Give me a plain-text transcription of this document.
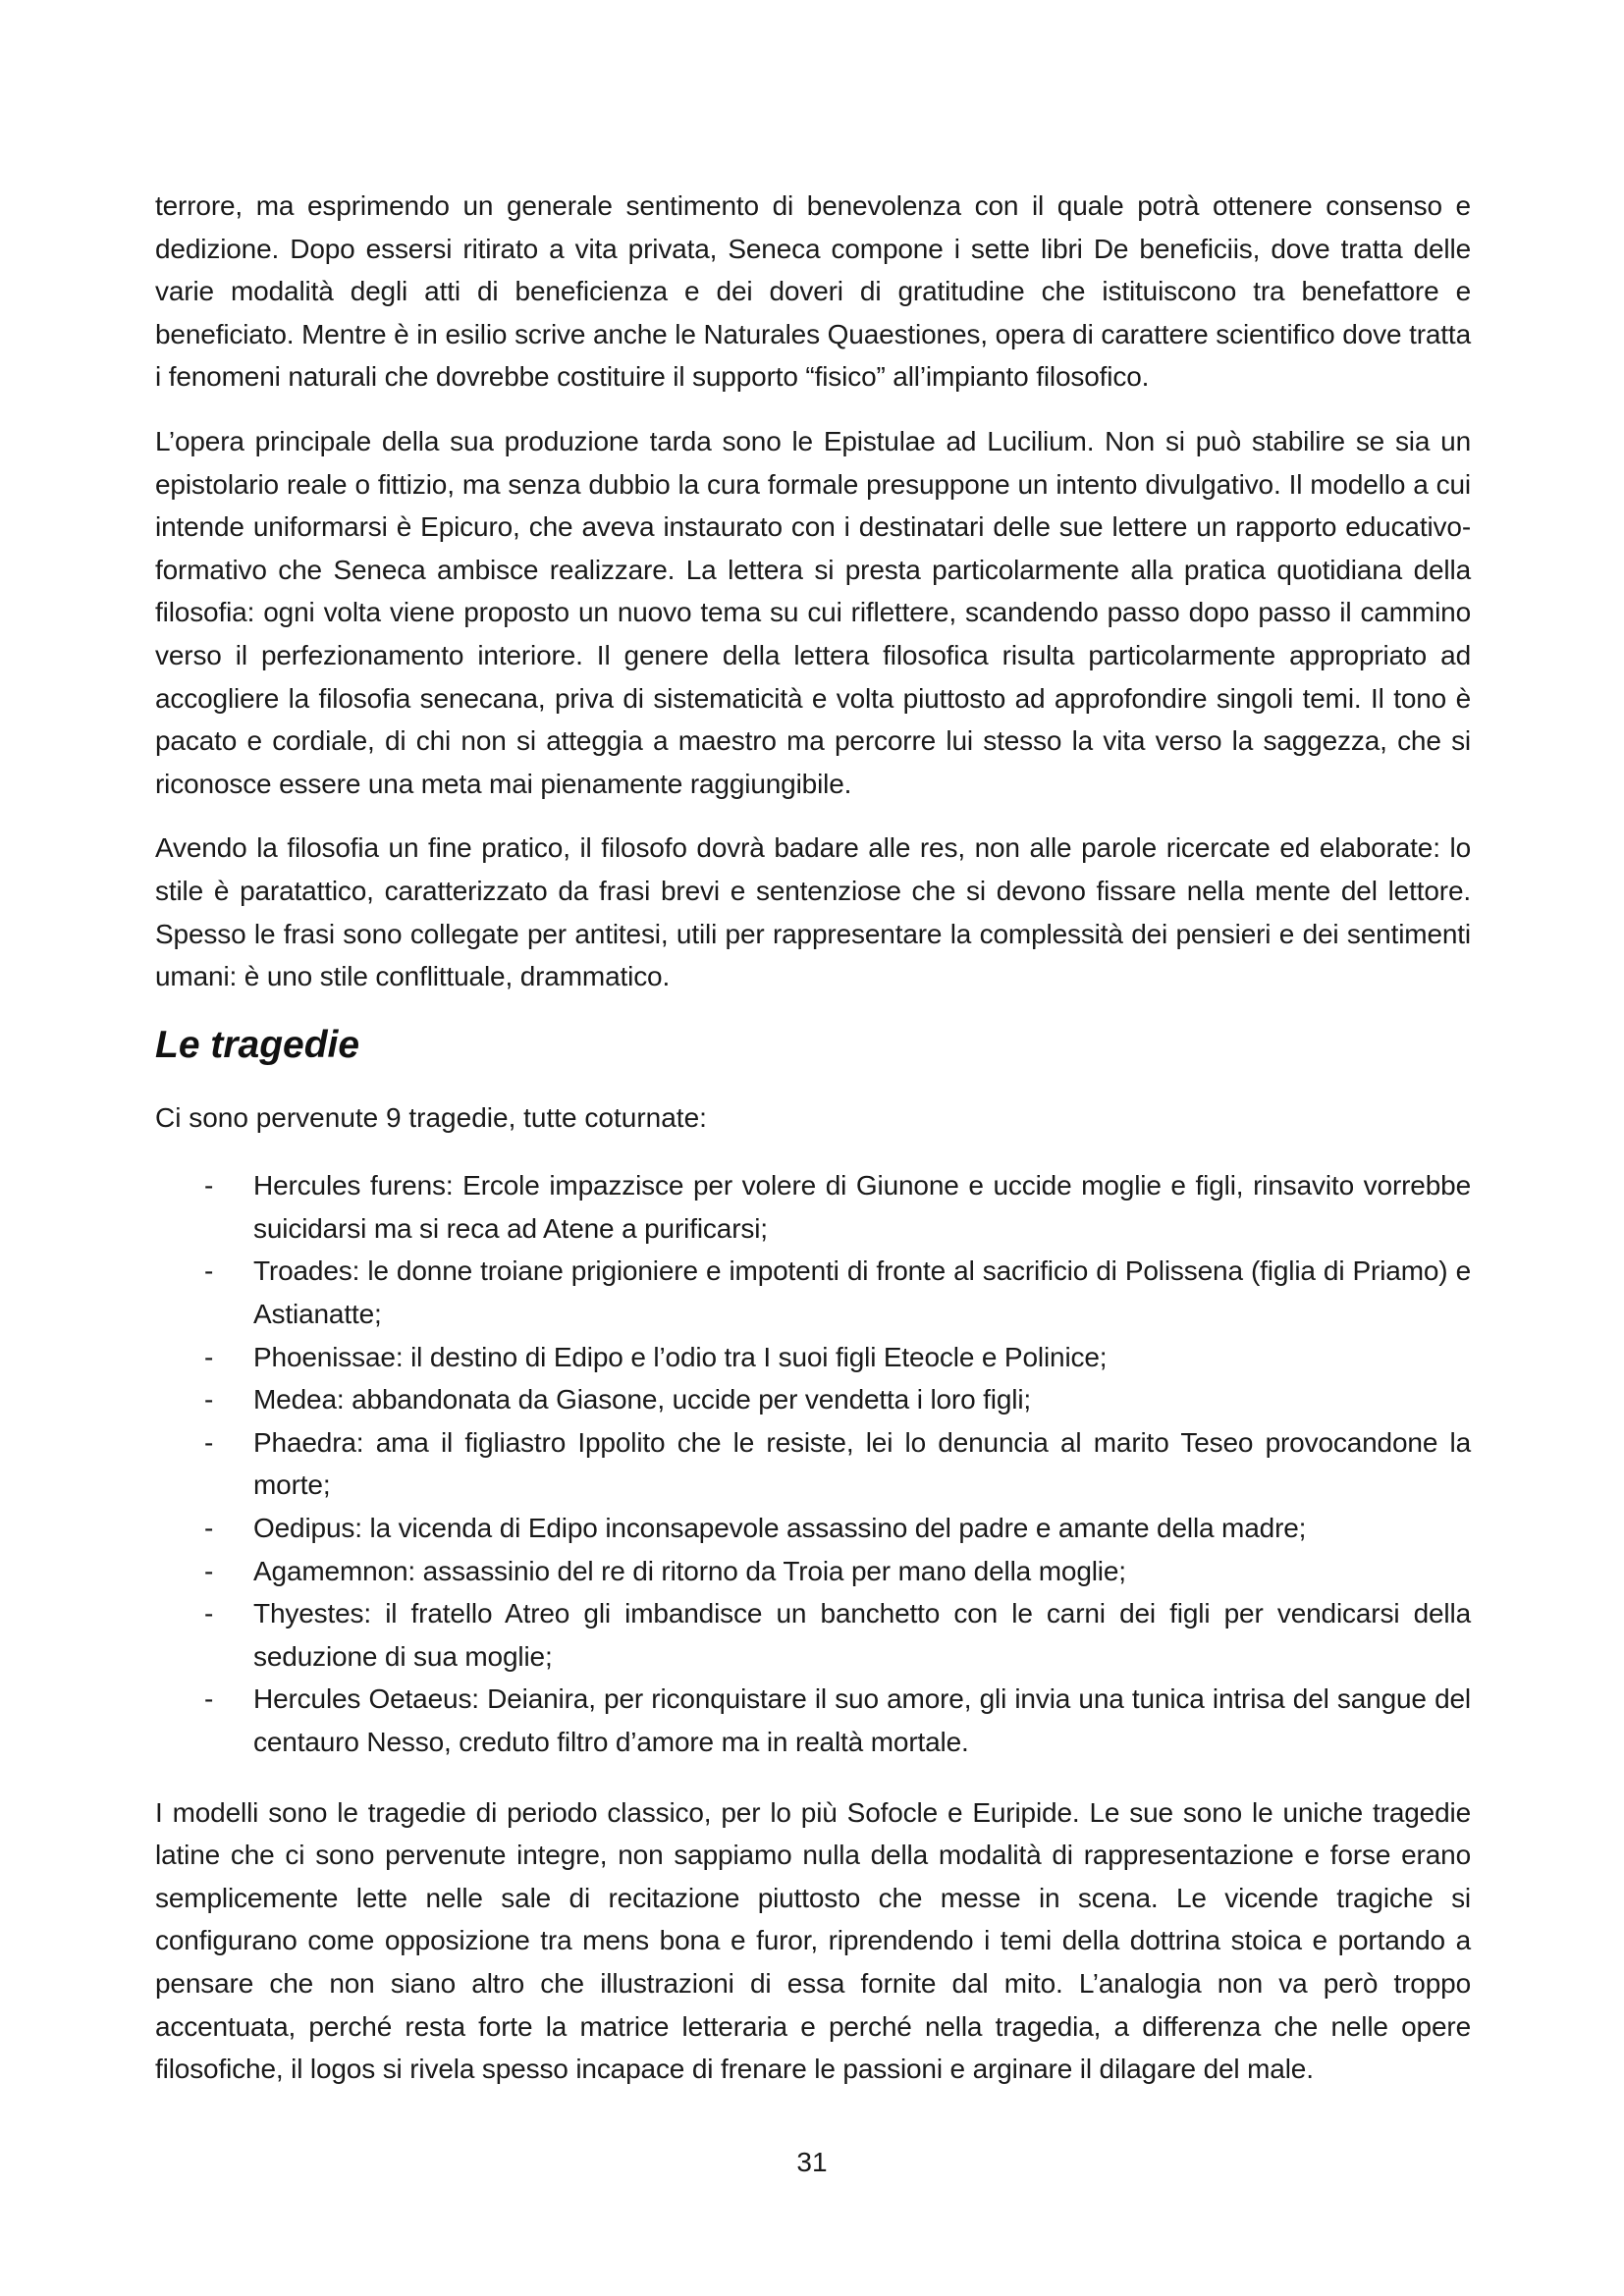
terrore, ma esprimendo un generale sentimento di benevolenza con il quale potrà ottenere consenso e dedizione. Dopo essersi ritirato a vita privata, Seneca compone i sette libri De beneficiis, dove tratta delle varie modalità degli atti di beneficienza e dei doveri di gratitudine che istituiscono tra benefattore e beneficiato. Mentre è in esilio scrive anche le Naturales Quaestiones, opera di carattere scientifico dove tratta i fenomeni naturali che dovrebbe costituire il supporto “fisico” all’impianto filosofico.

L’opera principale della sua produzione tarda sono le Epistulae ad Lucilium. Non si può stabilire se sia un epistolario reale o fittizio, ma senza dubbio la cura formale presuppone un intento divulgativo. Il modello a cui intende uniformarsi è Epicuro, che aveva instaurato con i destinatari delle sue lettere un rapporto educativo-formativo che Seneca ambisce realizzare. La lettera si presta particolarmente alla pratica quotidiana della filosofia: ogni volta viene proposto un nuovo tema su cui riflettere, scandendo passo dopo passo il cammino verso il perfezionamento interiore. Il genere della lettera filosofica risulta particolarmente appropriato ad accogliere la filosofia senecana, priva di sistematicità e volta piuttosto ad approfondire singoli temi. Il tono è pacato e cordiale, di chi non si atteggia a maestro ma percorre lui stesso la vita verso la saggezza, che si riconosce essere una meta mai pienamente raggiungibile.

Avendo la filosofia un fine pratico, il filosofo dovrà badare alle res, non alle parole ricercate ed elaborate: lo stile è paratattico, caratterizzato da frasi brevi e sentenziose che si devono fissare nella mente del lettore. Spesso le frasi sono collegate per antitesi, utili per rappresentare la complessità dei pensieri e dei sentimenti umani: è uno stile conflittuale, drammatico.

Le tragedie

Ci sono pervenute 9 tragedie, tutte coturnate:

- Hercules furens: Ercole impazzisce per volere di Giunone e uccide moglie e figli, rinsavito vorrebbe suicidarsi ma si reca ad Atene a purificarsi;
- Troades: le donne troiane prigioniere e impotenti di fronte al sacrificio di Polissena (figlia di Priamo) e Astianatte;
- Phoenissae: il destino di Edipo e l’odio tra I suoi figli Eteocle e Polinice;
- Medea: abbandonata da Giasone, uccide per vendetta i loro figli;
- Phaedra: ama il figliastro Ippolito che le resiste, lei lo denuncia al marito Teseo provocandone la morte;
- Oedipus: la vicenda di Edipo inconsapevole assassino del padre e amante della madre;
- Agamemnon: assassinio del re di ritorno da Troia per mano della moglie;
- Thyestes: il fratello Atreo gli imbandisce un banchetto con le carni dei figli per vendicarsi della seduzione di sua moglie;
- Hercules Oetaeus: Deianira, per riconquistare il suo amore, gli invia una tunica intrisa del sangue del centauro Nesso, creduto filtro d’amore ma in realtà mortale.

I modelli sono le tragedie di periodo classico, per lo più Sofocle e Euripide. Le sue sono le uniche tragedie latine che ci sono pervenute integre, non sappiamo nulla della modalità di rappresentazione e forse erano semplicemente lette nelle sale di recitazione piuttosto che messe in scena. Le vicende tragiche si configurano come opposizione tra mens bona e furor, riprendendo i temi della dottrina stoica e portando a pensare che non siano altro che illustrazioni di essa fornite dal mito. L’analogia non va però troppo accentuata, perché resta forte la matrice letteraria e perché nella tragedia, a differenza che nelle opere filosofiche, il logos si rivela spesso incapace di frenare le passioni e arginare il dilagare del male.

31
